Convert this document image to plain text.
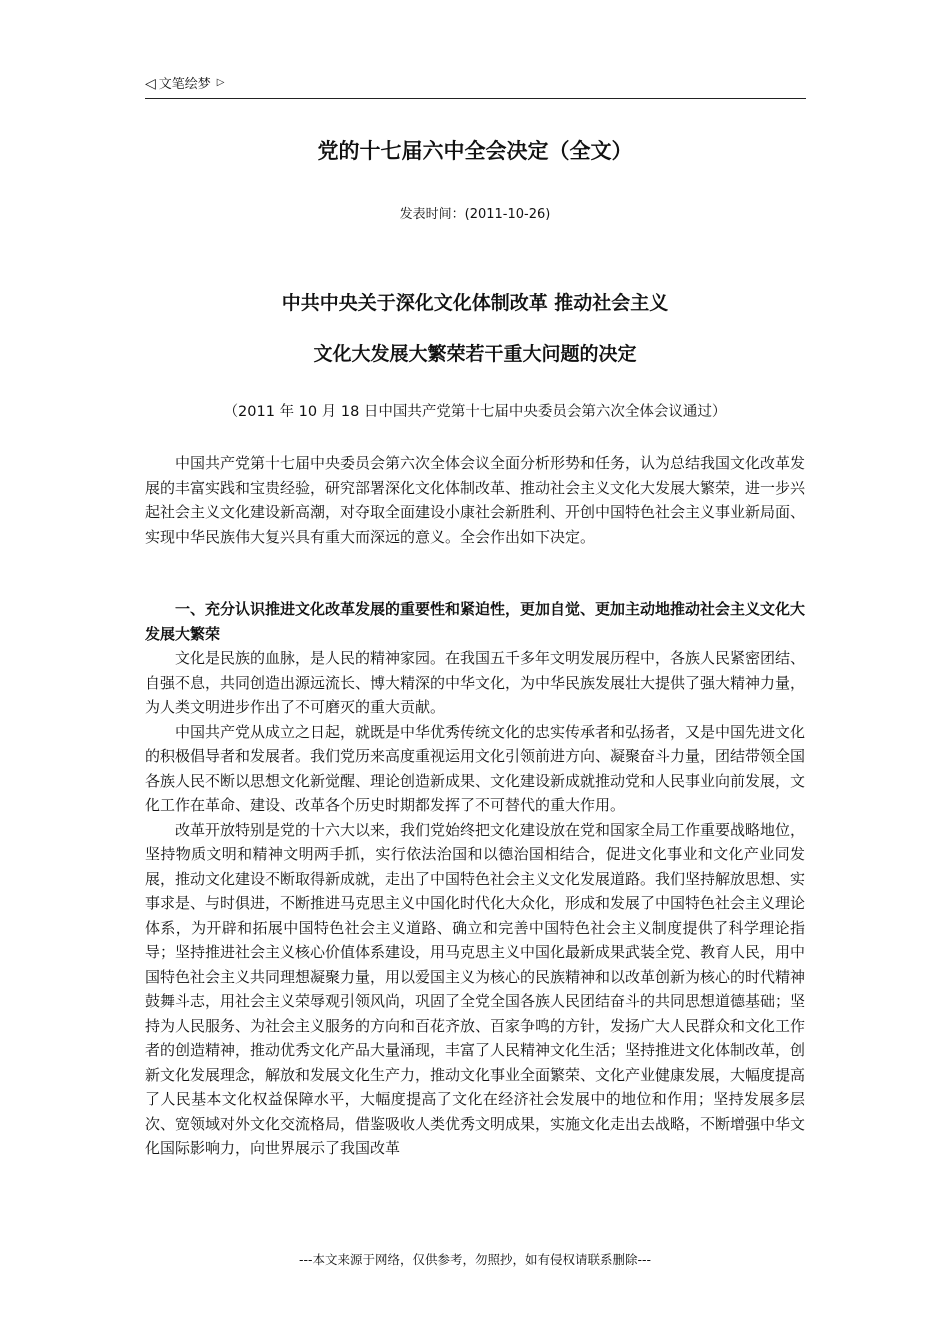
◁ 文笔绘梦 ▷
党的十七届六中全会决定（全文）
发表时间：(2011-10-26)
中共中央关于深化文化体制改革 推动社会主义
文化大发展大繁荣若干重大问题的决定
（2011 年 10 月 18 日中国共产党第十七届中央委员会第六次全体会议通过）

中国共产党第十七届中央委员会第六次全体会议全面分析形势和任务，认为总结我国文化改革发展的丰富实践和宝贵经验，研究部署深化文化体制改革、推动社会主义文化大发展大繁荣，进一步兴起社会主义文化建设新高潮，对夺取全面建设小康社会新胜利、开创中国特色社会主义事业新局面、实现中华民族伟大复兴具有重大而深远的意义。全会作出如下决定。

一、充分认识推进文化改革发展的重要性和紧迫性，更加自觉、更加主动地推动社会主义文化大发展大繁荣

文化是民族的血脉，是人民的精神家园。在我国五千多年文明发展历程中，各族人民紧密团结、自强不息，共同创造出源远流长、博大精深的中华文化，为中华民族发展壮大提供了强大精神力量，为人类文明进步作出了不可磨灭的重大贡献。

中国共产党从成立之日起，就既是中华优秀传统文化的忠实传承者和弘扬者，又是中国先进文化的积极倡导者和发展者。我们党历来高度重视运用文化引领前进方向、凝聚奋斗力量，团结带领全国各族人民不断以思想文化新觉醒、理论创造新成果、文化建设新成就推动党和人民事业向前发展，文化工作在革命、建设、改革各个历史时期都发挥了不可替代的重大作用。

改革开放特别是党的十六大以来，我们党始终把文化建设放在党和国家全局工作重要战略地位，坚持物质文明和精神文明两手抓，实行依法治国和以德治国相结合，促进文化事业和文化产业同发展，推动文化建设不断取得新成就，走出了中国特色社会主义文化发展道路。我们坚持解放思想、实事求是、与时俱进，不断推进马克思主义中国化时代化大众化，形成和发展了中国特色社会主义理论体系，为开辟和拓展中国特色社会主义道路、确立和完善中国特色社会主义制度提供了科学理论指导；坚持推进社会主义核心价值体系建设，用马克思主义中国化最新成果武装全党、教育人民，用中国特色社会主义共同理想凝聚力量，用以爱国主义为核心的民族精神和以改革创新为核心的时代精神鼓舞斗志，用社会主义荣辱观引领风尚，巩固了全党全国各族人民团结奋斗的共同思想道德基础；坚持为人民服务、为社会主义服务的方向和百花齐放、百家争鸣的方针，发扬广大人民群众和文化工作者的创造精神，推动优秀文化产品大量涌现，丰富了人民精神文化生活；坚持推进文化体制改革，创新文化发展理念，解放和发展文化生产力，推动文化事业全面繁荣、文化产业健康发展，大幅度提高了人民基本文化权益保障水平，大幅度提高了文化在经济社会发展中的地位和作用；坚持发展多层次、宽领域对外文化交流格局，借鉴吸收人类优秀文明成果，实施文化走出去战略，不断增强中华文化国际影响力，向世界展示了我国改革

---本文来源于网络，仅供参考，勿照抄，如有侵权请联系删除---
